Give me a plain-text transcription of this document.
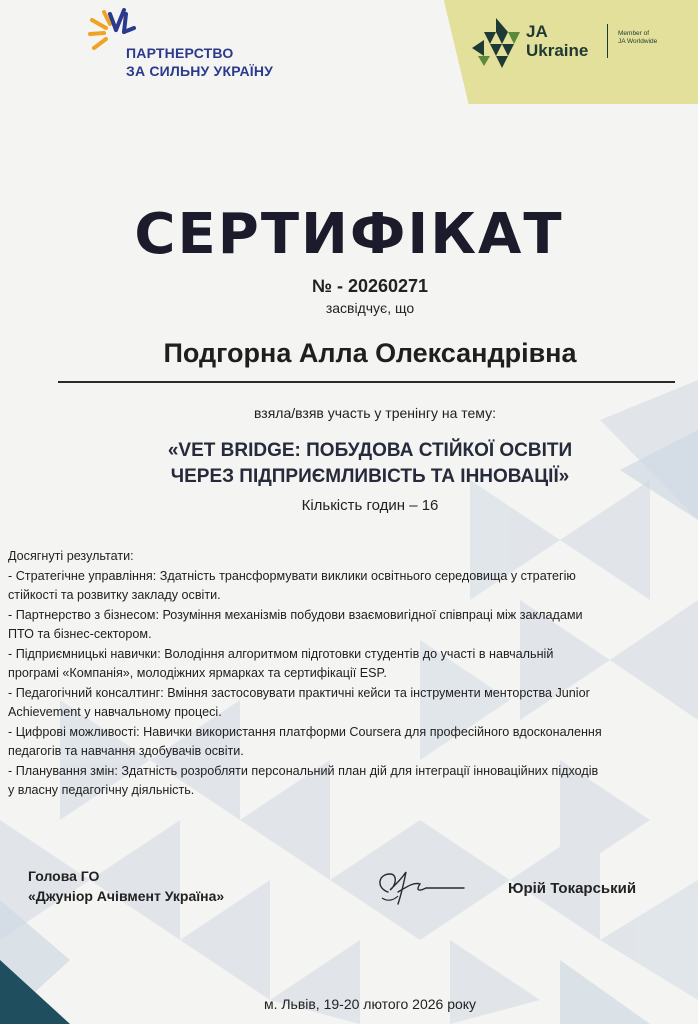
ПАРТНЕРСТВО
ЗА СИЛЬНУ УКРАЇНУ
JA
Ukraine
Member of
JA Worldwide
СЕРТИФІКАТ
№ - 20260271
засвідчує, що
Подгорна Алла Олександрівна
взяла/взяв участь у тренінгу на тему:
«VET BRIDGE: ПОБУДОВА СТІЙКОЇ ОСВІТИ
ЧЕРЕЗ ПІДПРИЄМЛИВІСТЬ ТА ІННОВАЦІЇ»
Кількість годин – 16
Досягнуті результати:
- Стратегічне управління: Здатність трансформувати виклики освітнього середовища у стратегію
стійкості та розвитку закладу освіти.
- Партнерство з бізнесом: Розуміння механізмів побудови взаємовигідної співпраці між закладами
ПТО та бізнес-сектором.
- Підприємницькі навички: Володіння алгоритмом підготовки студентів до участі в навчальній
програмі «Компанія», молодіжних ярмарках та сертифікації ESP.
- Педагогічний консалтинг: Вміння застосовувати практичні кейси та інструменти менторства Junior
Achievement у навчальному процесі.
- Цифрові можливості: Навички використання платформи Coursera для професійного вдосконалення
педагогів та навчання здобувачів освіти.
- Планування змін: Здатність розробляти персональний план дій для інтеграції інноваційних підходів
у власну педагогічну діяльність.
Голова ГО
«Джуніор Ачівмент Україна»	Юрій Токарський
м. Львів, 19-20 лютого 2026 року
